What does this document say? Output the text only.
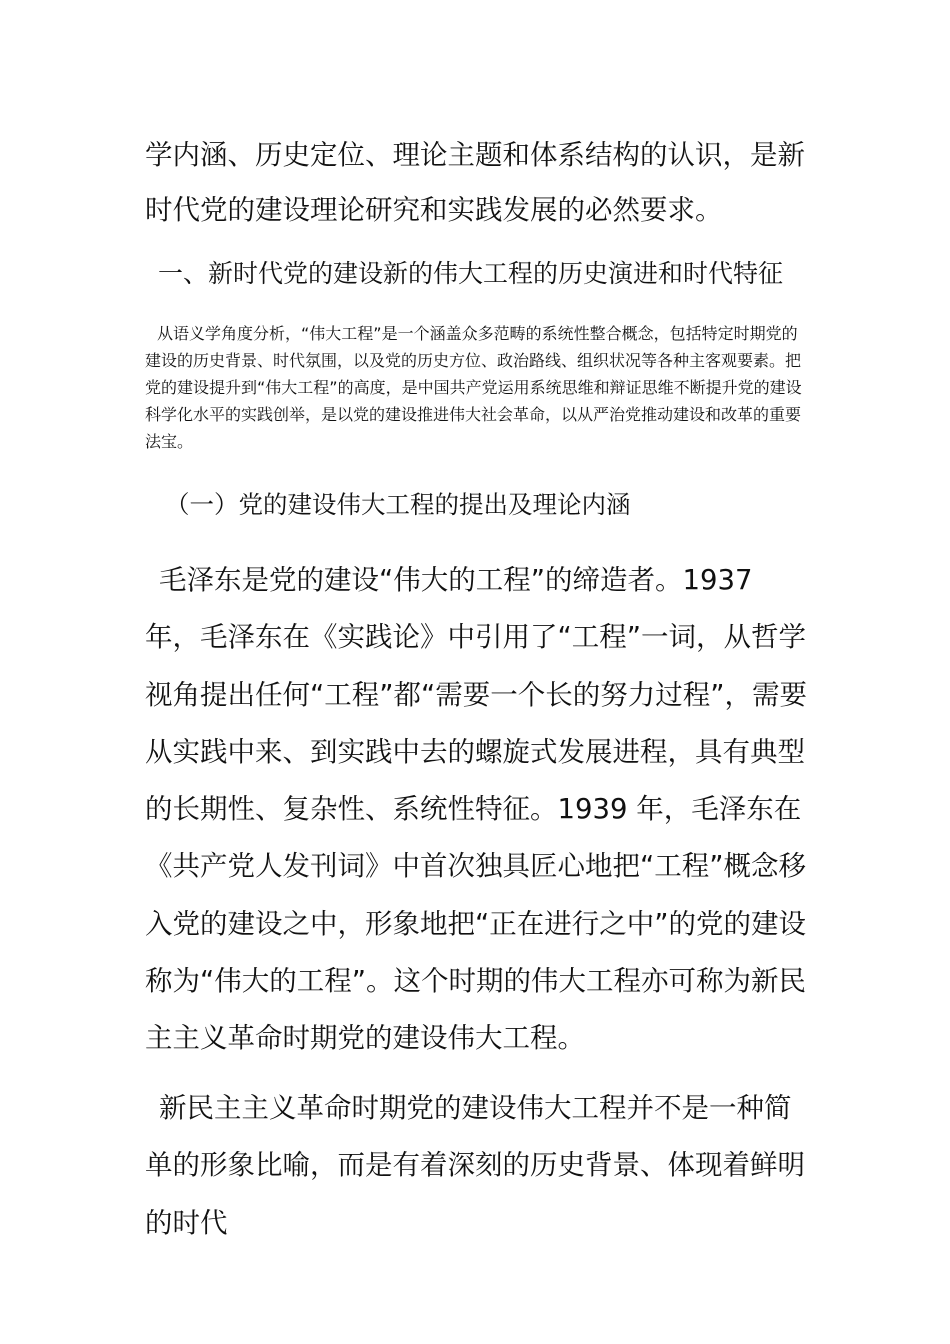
学内涵、历史定位、理论主题和体系结构的认识，是新时代党的建设理论研究和实践发展的必然要求。

一、新时代党的建设新的伟大工程的历史演进和时代特征

从语义学角度分析，“伟大工程”是一个涵盖众多范畴的系统性整合概念，包括特定时期党的建设的历史背景、时代氛围，以及党的历史方位、政治路线、组织状况等各种主客观要素。把党的建设提升到“伟大工程”的高度，是中国共产党运用系统思维和辩证思维不断提升党的建设科学化水平的实践创举，是以党的建设推进伟大社会革命，以从严治党推动建设和改革的重要法宝。

（一）党的建设伟大工程的提出及理论内涵

毛泽东是党的建设“伟大的工程”的缔造者。1937 年，毛泽东在《实践论》中引用了“工程”一词，从哲学视角提出任何“工程”都“需要一个长的努力过程”，需要从实践中来、到实践中去的螺旋式发展进程，具有典型的长期性、复杂性、系统性特征。1939 年，毛泽东在《共产党人发刊词》中首次独具匠心地把“工程”概念移入党的建设之中，形象地把“正在进行之中”的党的建设称为“伟大的工程”。这个时期的伟大工程亦可称为新民主主义革命时期党的建设伟大工程。

新民主主义革命时期党的建设伟大工程并不是一种简单的形象比喻，而是有着深刻的历史背景、体现着鲜明的时代
